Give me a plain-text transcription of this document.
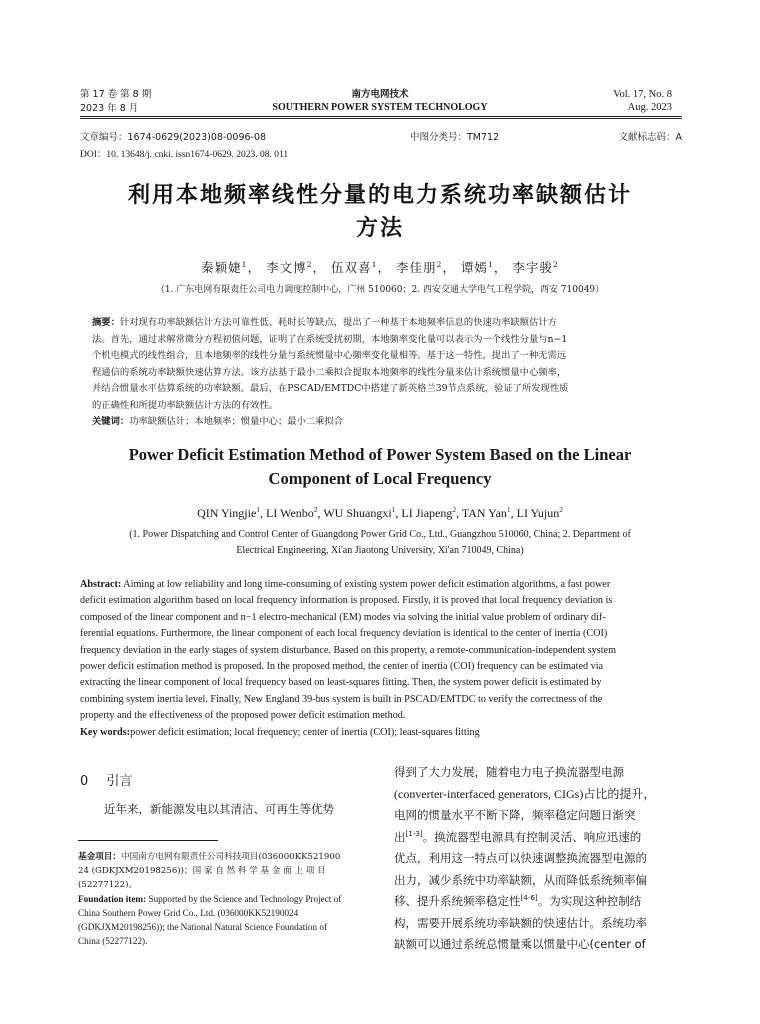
第 17 卷 第 8 期
2023 年 8 月
南方电网技术
SOUTHERN POWER SYSTEM TECHNOLOGY
Vol. 17, No. 8
Aug. 2023
文章编号：1674-0629(2023)08-0096-08	中图分类号：TM712	文献标志码：A
DOI：10. 13648/j. cnki. issn1674-0629. 2023. 08. 011
利用本地频率线性分量的电力系统功率缺额估计
方法
秦颖婕$^1$， 李文博$^2$， 伍双喜$^1$， 李佳朋$^2$， 谭嫣$^1$， 李宇骏$^2$
（1. 广东电网有限责任公司电力调度控制中心，广州 510060；2. 西安交通大学电气工程学院，西安 710049）
摘要：针对现有功率缺额估计方法可靠性低、耗时长等缺点，提出了一种基于本地频率信息的快速功率缺额估计方
法。首先，通过求解常微分方程初值问题，证明了在系统受扰初期，本地频率变化量可以表示为一个线性分量与n−1
个机电模式的线性组合，且本地频率的线性分量与系统惯量中心频率变化量相等。基于这一特性，提出了一种无需远
程通信的系统功率缺额快速估算方法。该方法基于最小二乘拟合提取本地频率的线性分量来估计系统惯量中心频率，
并结合惯量水平估算系统的功率缺额。最后，在PSCAD/EMTDC中搭建了新英格兰39节点系统，验证了所发现性质
的正确性和所提功率缺额估计方法的有效性。
关键词：功率缺额估计；本地频率；惯量中心；最小二乘拟合
Power Deficit Estimation Method of Power System Based on the Linear
Component of Local Frequency
QIN Yingjie$^1$, LI Wenbo$^2$, WU Shuangxi$^1$, LI Jiapeng$^2$, TAN Yan$^1$, LI Yujun$^2$
(1. Power Dispatching and Control Center of Guangdong Power Grid Co., Ltd., Guangzhou 510060, China; 2. Department of
Electrical Engineering, Xi'an Jiaotong University, Xi'an 710049, China)
Abstract: Aiming at low reliability and long time-consuming of existing system power deficit estimation algorithms, a fast power
deficit estimation algorithm based on local frequency information is proposed. Firstly, it is proved that local frequency deviation is
composed of the linear component and n−1 electro-mechanical (EM) modes via solving the initial value problem of ordinary dif-
ferential equations. Furthermore, the linear component of each local frequency deviation is identical to the center of inertia (COI)
frequency deviation in the early stages of system disturbance. Based on this property, a remote-communication-independent system
power deficit estimation method is proposed. In the proposed method, the center of inertia (COI) frequency can be estimated via
extracting the linear component of local frequency based on least-squares fitting. Then, the system power deficit is estimated by
combining system inertia level. Finally, New England 39-bus system is built in PSCAD/EMTDC to verify the correctness of the
property and the effectiveness of the proposed power deficit estimation method.
Key words:power deficit estimation; local frequency; center of inertia (COI); least-squares fitting
0 引言
近年来，新能源发电以其清洁、可再生等优势
基金项目：中国南方电网有限责任公司科技项目(036000KK521900
24 (GDKJXM20198256))；国 家 自 然 科 学 基 金 面 上 项 目
(52277122)。
Foundation item: Supported by the Science and Technology Project of
China Southern Power Grid Co., Ltd. (036000KK52190024
(GDKJXM20198256)); the National Natural Science Foundation of
China (52277122).
得到了大力发展，随着电力电子换流器型电源
(converter-interfaced generators, CIGs)占比的提升，
电网的惯量水平不断下降，频率稳定问题日渐突
出[1-3]。换流器型电源具有控制灵活、响应迅速的
优点，利用这一特点可以快速调整换流器型电源的
出力，减少系统中功率缺额，从而降低系统频率偏
移、提升系统频率稳定性[4-6]。为实现这种控制结
构，需要开展系统功率缺额的快速估计。系统功率
缺额可以通过系统总惯量乘以惯量中心(center of
